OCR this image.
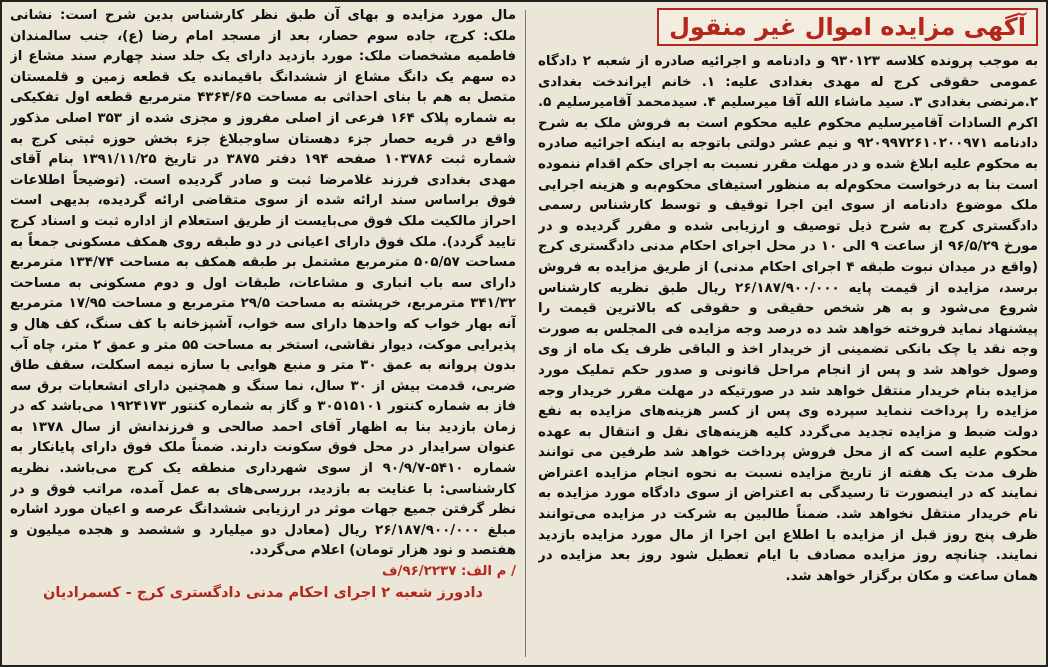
آگهی مزایده اموال غیر منقول

به موجب پرونده کلاسه ۹۳۰۱۲۳ و دادنامه و اجرائیه صادره از شعبه ۲ دادگاه عمومی حقوقی کرج له مهدی بغدادی علیه: ۱. خانم ایراندخت بغدادی ۲.مرتضی بغدادی ۳. سید ماشاء الله آقا میرسلیم ۴. سیدمحمد آقامیرسلیم ۵. اکرم السادات آقامیرسلیم محکوم علیه محکوم است به فروش ملک به شرح دادنامه ۹۲۰۹۹۷۲۶۱۰۲۰۰۹۷۱ و نیم عشر دولتی باتوجه به اینکه اجرائیه صادره به محکوم علیه ابلاغ شده و در مهلت مقرر نسبت به اجرای حکم اقدام ننموده است بنا به درخواست محکوم‌له به منظور استیفای محکوم‌به و هزینه اجرایی ملک موضوع دادنامه از سوی این اجرا توقیف و توسط کارشناس رسمی دادگستری کرج به شرح ذیل توصیف و ارزیابی شده و مقرر گردیده و در مورخ ۹۶/۵/۲۹ از ساعت ۹ الی ۱۰ در محل اجرای احکام مدنی دادگستری کرج (واقع در میدان نبوت طبقه ۴ اجرای احکام مدنی) از طریق مزایده به فروش برسد، مزایده از قیمت پایه ۲۶/۱۸۷/۹۰۰/۰۰۰ ریال طبق نظریه کارشناس شروع می‌شود و به هر شخص حقیقی و حقوقی که بالاترین قیمت را پیشنهاد نماید فروخته خواهد شد ده درصد وجه مزایده فی المجلس به صورت وجه نقد یا چک بانکی تضمینی از خریدار اخذ و الباقی ظرف یک ماه از وی وصول خواهد شد و پس از انجام مراحل قانونی و صدور حکم تملیک مورد مزایده بنام خریدار منتقل خواهد شد در صورتیکه در مهلت مقرر خریدار وجه مزایده را پرداخت ننماید سپرده وی پس از کسر هزینه‌های مزایده به نفع دولت ضبط و مزایده تجدید می‌گردد کلیه هزینه‌های نقل و انتقال به عهده محکوم علیه است که از محل فروش پرداخت خواهد شد طرفین می توانند ظرف مدت یک هفته از تاریخ مزایده نسبت به نحوه انجام مزایده اعتراض نمایند که در اینصورت تا رسیدگی به اعتراض از سوی دادگاه مورد مزایده به نام خریدار منتقل نخواهد شد. ضمناً طالبین به شرکت در مزایده می‌توانند ظرف پنج روز قبل از مزایده با اطلاع این اجرا از مال مورد مزایده بازدید نمایند. چنانچه روز مزایده مصادف با ایام تعطیل شود روز بعد مزایده در همان ساعت و مکان برگزار خواهد شد.

مال مورد مزایده و بهای آن طبق نظر کارشناس بدین شرح است: نشانی ملک: کرج، جاده سوم حصار، بعد از مسجد امام رضا (ع)، جنب سالمندان فاطمیه مشخصات ملک: مورد بازدید دارای یک جلد سند چهارم سند مشاع از ده سهم یک دانگ مشاع از ششدانگ باقیمانده یک قطعه زمین و قلمستان متصل به هم با بنای احداثی به مساحت ۴۳۶۴/۶۵ مترمربع قطعه اول تفکیکی به شماره پلاک ۱۶۴ فرعی از اصلی مفروز و مجزی شده از ۳۵۳ اصلی مذکور واقع در قریه حصار جزء دهستان ساوجبلاغ جزء بخش حوزه ثبتی کرج به شماره ثبت ۱۰۳۷۸۶ صفحه ۱۹۴ دفتر ۳۸۷۵ در تاریخ ۱۳۹۱/۱۱/۲۵ بنام آقای مهدی بغدادی فرزند غلامرضا ثبت و صادر گردیده است. (توضیحاً اطلاعات فوق براساس سند ارائه شده از سوی متقاضی ارائه گردیده، بدیهی است احراز مالکیت ملک فوق می‌بایست از طریق استعلام از اداره ثبت و اسناد کرج تایید گردد). ملک فوق دارای اعیانی در دو طبقه روی همکف مسکونی جمعاً به مساحت ۵۰۵/۵۷ مترمربع مشتمل بر طبقه همکف به مساحت ۱۳۴/۷۴ مترمربع دارای سه باب انباری و مشاعات، طبقات اول و دوم مسکونی به مساحت ۳۴۱/۳۲ مترمربع، خرپشته به مساحت ۲۹/۵ مترمربع و مساحت ۱۷/۹۵ مترمربع آنه بهار خواب که واحدها دارای سه خواب، آشپزخانه با کف سنگ، کف هال و پذیرایی موکت، دیوار نقاشی، استخر به مساحت ۵۵ متر و عمق ۲ متر، چاه آب بدون پروانه به عمق ۳۰ متر و منبع هوایی با سازه نیمه اسکلت، سقف طاق ضربی، قدمت بیش از ۳۰ سال، نما سنگ و همچنین دارای انشعابات برق سه فاز به شماره کنتور ۳۰۵۱۵۱۰۱ و گاز به شماره کنتور ۱۹۲۴۱۷۳ می‌باشد که در زمان بازدید بنا به اظهار آقای احمد صالحی و فرزندانش از سال ۱۳۷۸ به عنوان سرایدار در محل فوق سکونت دارند. ضمناً ملک فوق دارای پایانکار به شماره ۵۴۱۰-۹۰/۹/۷ از سوی شهرداری منطقه یک کرج می‌باشد. نظریه کارشناسی: با عنایت به بازدید، بررسی‌های به عمل آمده، مراتب فوق و در نظر گرفتن جمیع جهات موثر در ارزیابی ششدانگ عرصه و اعیان مورد اشاره مبلغ ۲۶/۱۸۷/۹۰۰/۰۰۰ ریال (معادل دو میلیارد و ششصد و هجده میلیون و هفتصد و نود هزار تومان) اعلام می‌گردد.

/ م الف: ۹۶/۲۲۳۷/ف

دادورز شعبه ۲ اجرای احکام مدنی دادگستری کرج - کسمرادیان
